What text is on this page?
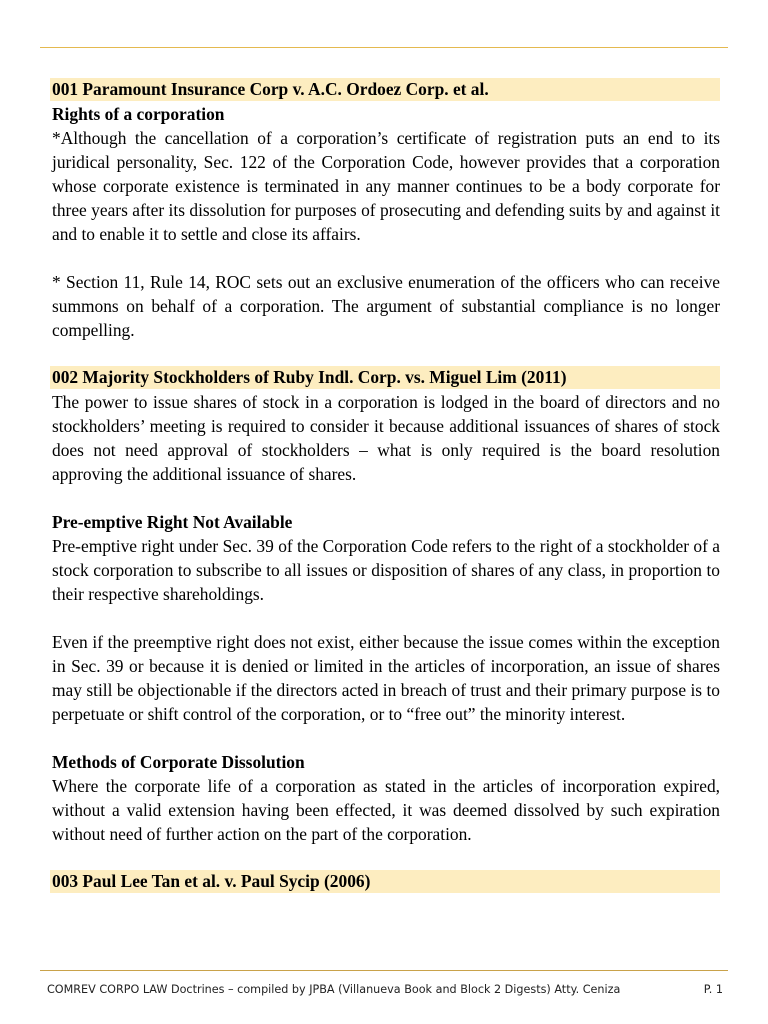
001 Paramount Insurance Corp v. A.C. Ordoez Corp. et al.
Rights of a corporation
*Although the cancellation of a corporation’s certificate of registration puts an end to its juridical personality, Sec. 122 of the Corporation Code, however provides that a corporation whose corporate existence is terminated in any manner continues to be a body corporate for three years after its dissolution for purposes of prosecuting and defending suits by and against it and to enable it to settle and close its affairs.
* Section 11, Rule 14, ROC sets out an exclusive enumeration of the officers who can receive summons on behalf of a corporation. The argument of substantial compliance is no longer compelling.
002 Majority Stockholders of Ruby Indl. Corp. vs. Miguel Lim (2011)
The power to issue shares of stock in a corporation is lodged in the board of directors and no stockholders’ meeting is required to consider it because additional issuances of shares of stock does not need approval of stockholders – what is only required is the board resolution approving the additional issuance of shares.
Pre-emptive Right Not Available
Pre-emptive right under Sec. 39 of the Corporation Code refers to the right of a stockholder of a stock corporation to subscribe to all issues or disposition of shares of any class, in proportion to their respective shareholdings.
Even if the preemptive right does not exist, either because the issue comes within the exception in Sec. 39 or because it is denied or limited in the articles of incorporation, an issue of shares may still be objectionable if the directors acted in breach of trust and their primary purpose is to perpetuate or shift control of the corporation, or to “free out” the minority interest.
Methods of Corporate Dissolution
Where the corporate life of a corporation as stated in the articles of incorporation expired, without a valid extension having been effected, it was deemed dissolved by such expiration without need of further action on the part of the corporation.
003 Paul Lee Tan et al. v. Paul Sycip (2006)
COMREV CORPO LAW Doctrines – compiled by JPBA (Villanueva Book and Block 2 Digests) Atty. Ceniza	P. 1
